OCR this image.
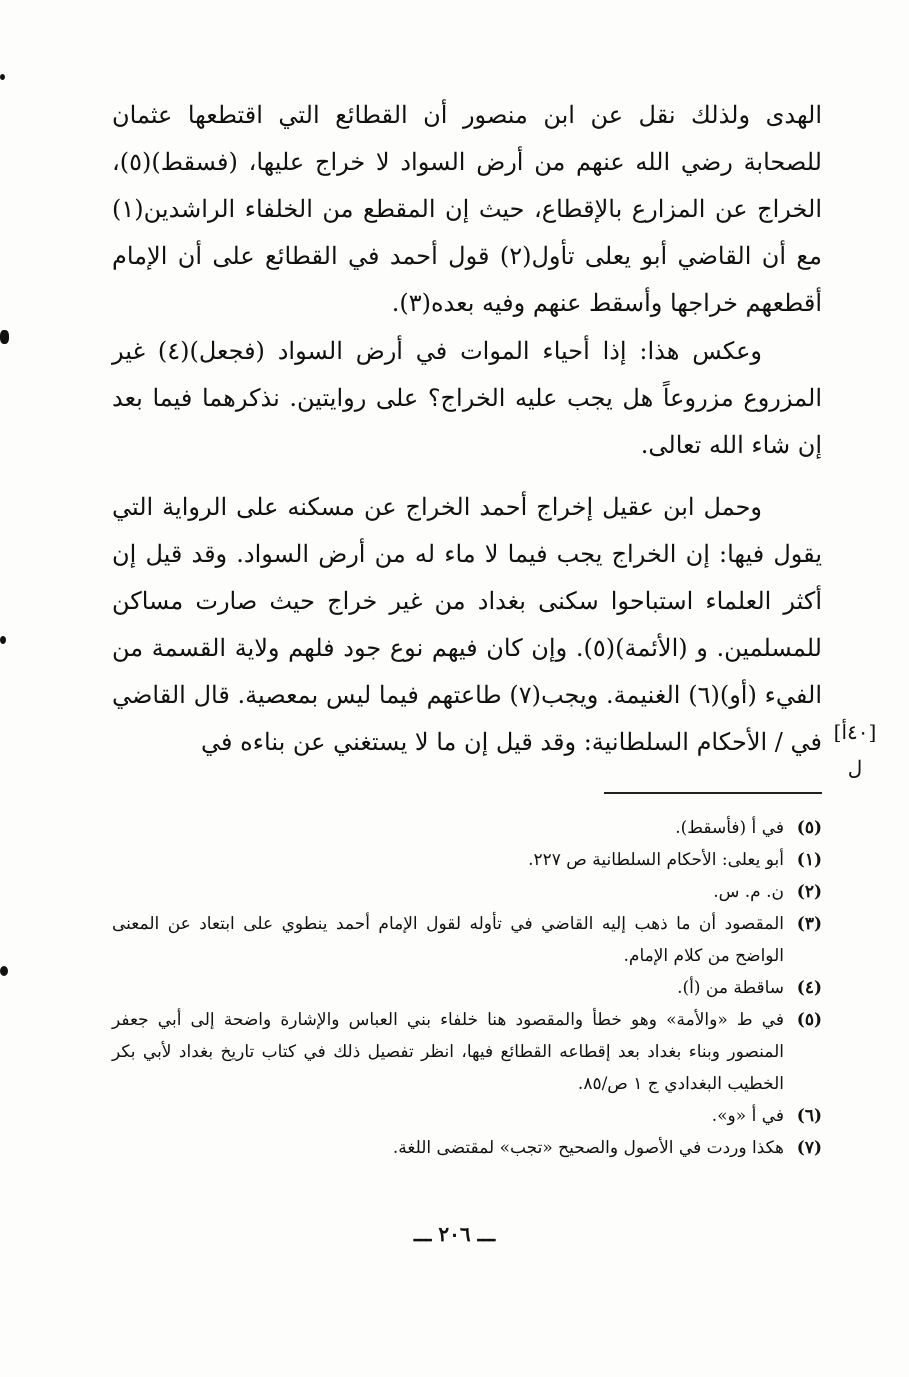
الهدى ولذلك نقل عن ابن منصور أن القطائع التي اقتطعها عثمان للصحابة رضي الله عنهم من أرض السواد لا خراج عليها، (فسقط)(٥)، الخراج عن المزارع بالإقطاع، حيث إن المقطع من الخلفاء الراشدين(١) مع أن القاضي أبو يعلى تأول(٢) قول أحمد في القطائع على أن الإمام أقطعهم خراجها وأسقط عنهم وفيه بعده(٣).

وعكس هذا: إذا أحياء الموات في أرض السواد (فجعل)(٤) غير المزروع مزروعاً هل يجب عليه الخراج؟ على روايتين. نذكرهما فيما بعد إن شاء الله تعالى.

وحمل ابن عقيل إخراج أحمد الخراج عن مسكنه على الرواية التي يقول فيها: إن الخراج يجب فيما لا ماء له من أرض السواد. وقد قيل إن أكثر العلماء استباحوا سكنى بغداد من غير خراج حيث صارت مساكن للمسلمين. و (الأئمة)(٥). وإن كان فيهم نوع جود فلهم ولاية القسمة من الفيء (أو)(٦) الغنيمة. ويجب(٧) طاعتهم فيما ليس بمعصية. قال القاضي في / الأحكام السلطانية: وقد قيل إن ما لا يستغني عن بناءه في [٤٠أ]
ل
(٥)
في أ (فأسقط).
(١)
أبو يعلى: الأحكام السلطانية ص ٢٢٧.
(٢)
ن. م. س.
(٣)
المقصود أن ما ذهب إليه القاضي في تأوله لقول الإمام أحمد ينطوي على ابتعاد عن المعنى الواضح من كلام الإمام.
(٤)
ساقطة من (أ).
(٥)
في ط «والأمة» وهو خطأ والمقصود هنا خلفاء بني العباس والإشارة واضحة إلى أبي جعفر المنصور وبناء بغداد بعد إقطاعه القطائع فيها، انظر تفصيل ذلك في كتاب تاريخ بغداد لأبي بكر الخطيب البغدادي ج ١ ص/٨٥.
(٦)
في أ «و».
(٧)
هكذا وردت في الأصول والصحيح «تجب» لمقتضى اللغة.
ـــ ٢٠٦ ـــ
